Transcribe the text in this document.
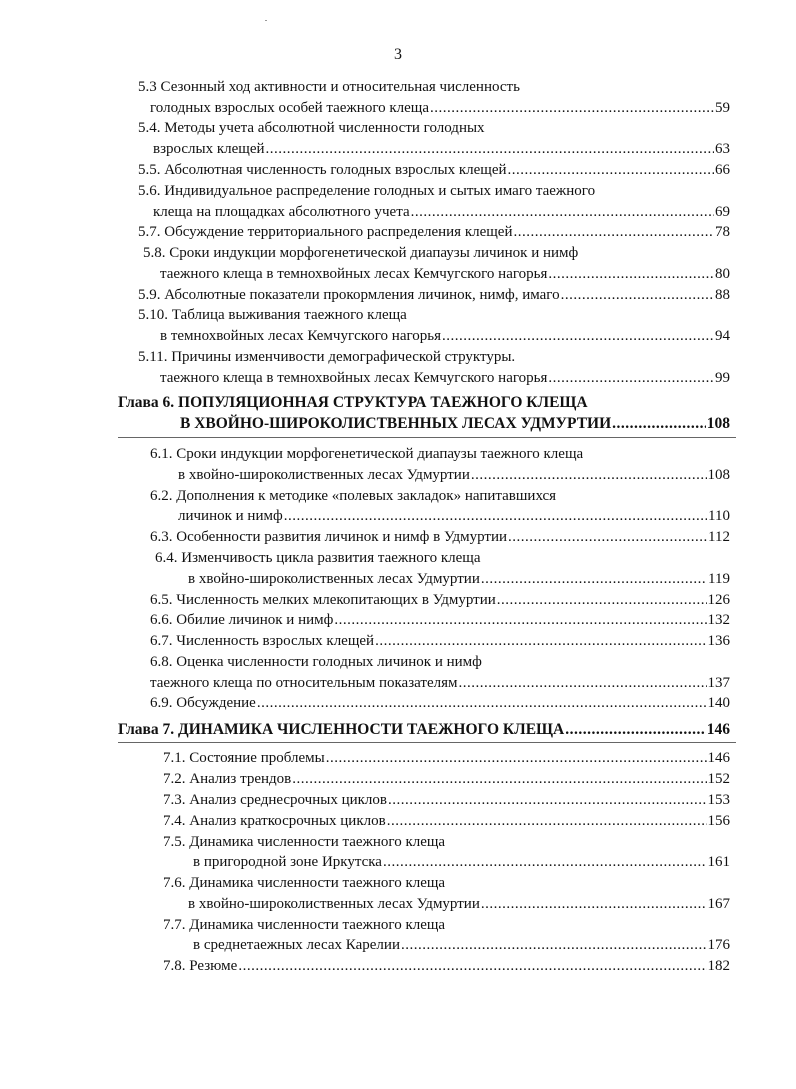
3
5.3 Сезонный ход активности и относительная численность
голодных взрослых особей таежного клеща .....	59
5.4. Методы учета абсолютной численности голодных
взрослых клещей .....	63
5.5. Абсолютная численность голодных взрослых клещей .....	66
5.6. Индивидуальное распределение голодных и сытых имаго таежного
клеща на площадках абсолютного учета .....	69
5.7. Обсуждение территориального распределения клещей .....	78
5.8. Сроки индукции морфогенетической диапаузы личинок и нимф
таежного клеща в темнохвойных лесах Кемчугского нагорья .....	80
5.9. Абсолютные показатели прокормления личинок, нимф, имаго .....	88
5.10. Таблица выживания таежного клеща
в темнохвойных лесах Кемчугского нагорья .....	94
5.11. Причины изменчивости демографической структуры.
таежного клеща в темнохвойных лесах Кемчугского нагорья .....	99
Глава 6. ПОПУЛЯЦИОННАЯ СТРУКТУРА ТАЕЖНОГО КЛЕЩА
В ХВОЙНО-ШИРОКОЛИСТВЕННЫХ ЛЕСАХ УДМУРТИИ .....	108
6.1. Сроки индукции морфогенетической диапаузы таежного клеща
в хвойно-широколиственных лесах Удмуртии .....	108
6.2. Дополнения к методике «полевых закладок» напитавшихся
личинок и нимф .....	110
6.3. Особенности развития личинок и нимф в Удмуртии .....	112
6.4. Изменчивость цикла развития таежного клеща
в хвойно-широколиственных лесах Удмуртии .....	119
6.5. Численность мелких млекопитающих в Удмуртии .....	126
6.6. Обилие личинок и нимф .....	132
6.7. Численность взрослых клещей .....	136
6.8. Оценка численности голодных личинок и нимф
таежного клеща по относительным показателям .....	137
6.9. Обсуждение .....	140
Глава 7. ДИНАМИКА ЧИСЛЕННОСТИ ТАЕЖНОГО КЛЕЩА .....	146
7.1. Состояние проблемы .....	146
7.2. Анализ трендов .....	152
7.3. Анализ среднесрочных циклов .....	153
7.4. Анализ краткосрочных циклов .....	156
7.5. Динамика численности таежного клеща
в пригородной зоне Иркутска .....	161
7.6. Динамика численности таежного клеща
в хвойно-широколиственных лесах Удмуртии .....	167
7.7. Динамика численности таежного клеща
в среднетаежных лесах Карелии .....	176
7.8. Резюме .....	182
